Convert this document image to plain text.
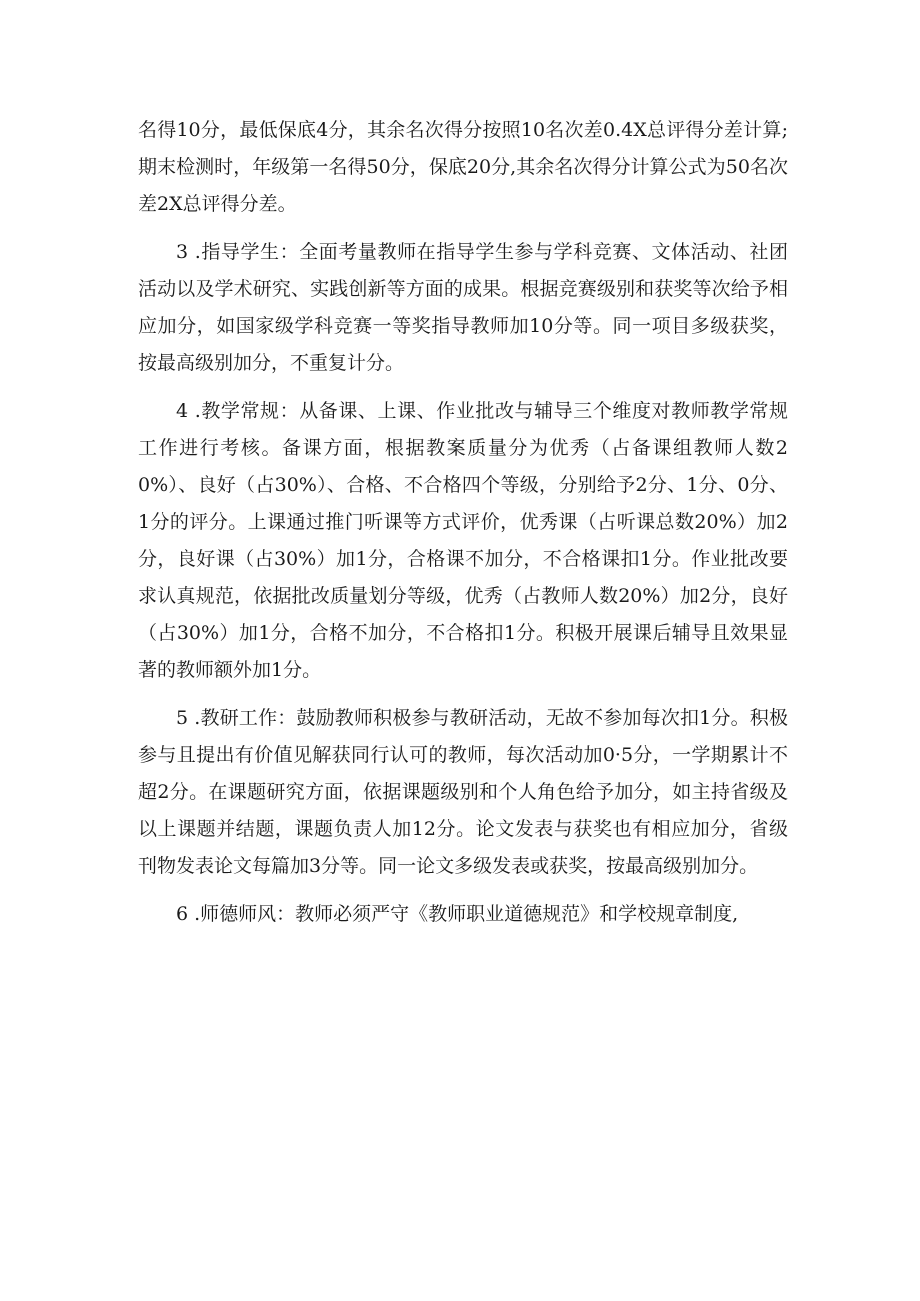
名得10分，最低保底4分，其余名次得分按照10名次差0.4X总评得分差计算;期末检测时，年级第一名得50分，保底20分,其余名次得分计算公式为50名次差2X总评得分差。

3 .指导学生：全面考量教师在指导学生参与学科竞赛、文体活动、社团活动以及学术研究、实践创新等方面的成果。根据竞赛级别和获奖等次给予相应加分，如国家级学科竞赛一等奖指导教师加10分等。同一项目多级获奖，按最高级别加分，不重复计分。

4 .教学常规：从备课、上课、作业批改与辅导三个维度对教师教学常规工作进行考核。备课方面，根据教案质量分为优秀（占备课组教师人数20%）、良好（占30%）、合格、不合格四个等级，分别给予2分、1分、0分、1分的评分。上课通过推门听课等方式评价，优秀课（占听课总数20%）加2分，良好课（占30%）加1分，合格课不加分，不合格课扣1分。作业批改要求认真规范，依据批改质量划分等级，优秀（占教师人数20%）加2分，良好（占30%）加1分，合格不加分，不合格扣1分。积极开展课后辅导且效果显著的教师额外加1分。

5 .教研工作：鼓励教师积极参与教研活动，无故不参加每次扣1分。积极参与且提出有价值见解获同行认可的教师，每次活动加0·5分，一学期累计不超2分。在课题研究方面，依据课题级别和个人角色给予加分，如主持省级及以上课题并结题，课题负责人加12分。论文发表与获奖也有相应加分，省级刊物发表论文每篇加3分等。同一论文多级发表或获奖，按最高级别加分。

6 .师德师风：教师必须严守《教师职业道德规范》和学校规章制度,
